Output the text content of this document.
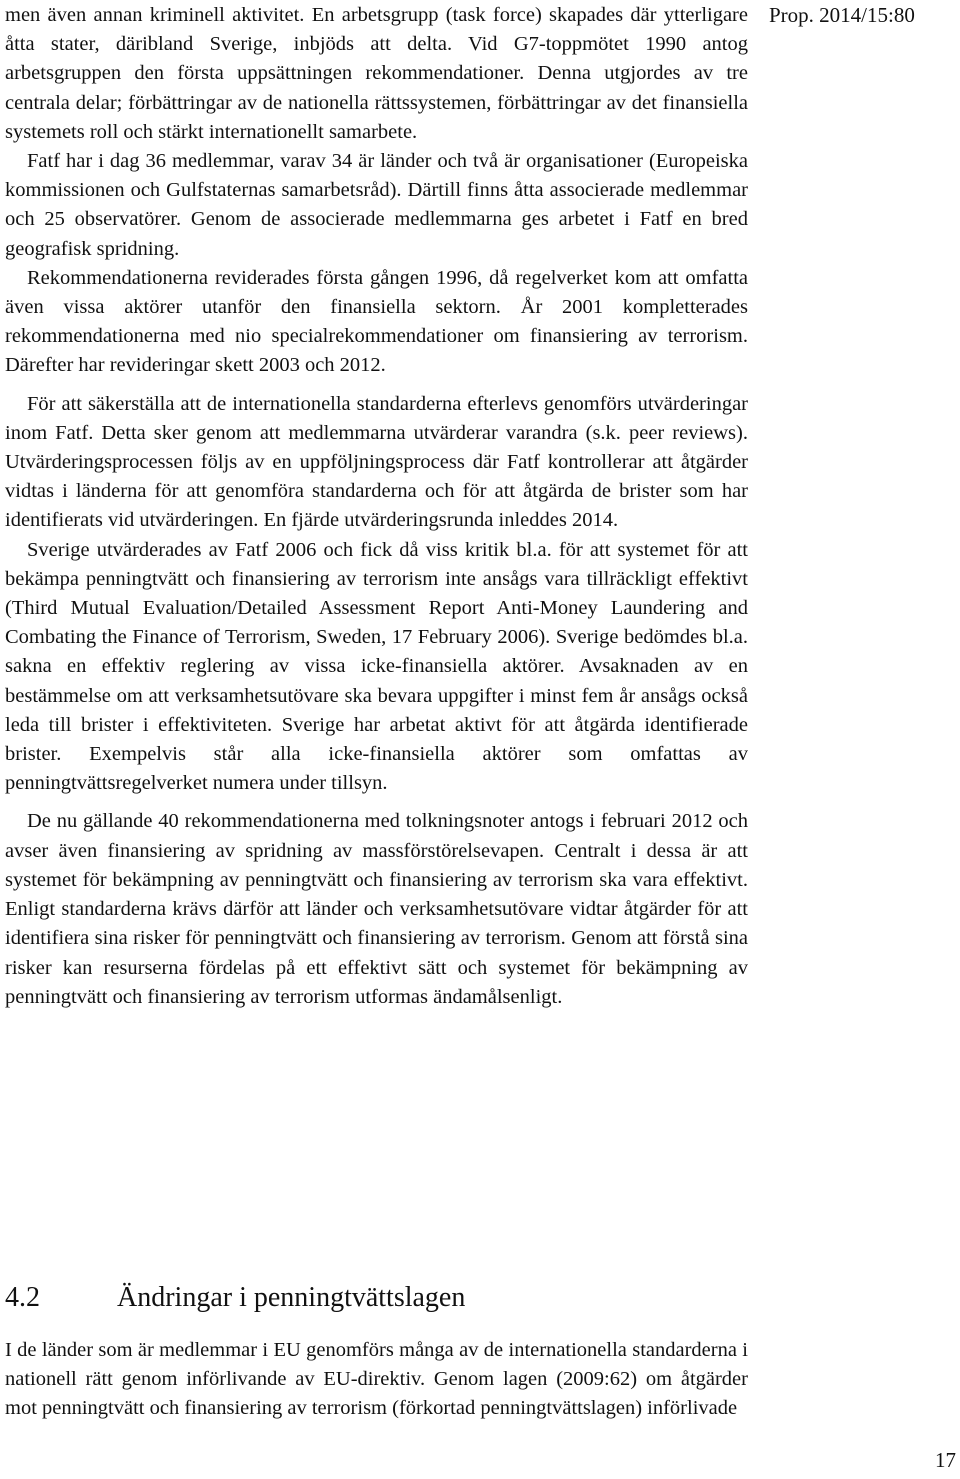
Prop. 2014/15:80

men även annan kriminell aktivitet. En arbetsgrupp (task force) skapades där ytterligare åtta stater, däribland Sverige, inbjöds att delta. Vid G7-toppmötet 1990 antog arbetsgruppen den första uppsättningen rekommendationer. Denna utgjordes av tre centrala delar; förbättringar av de nationella rättssystemen, förbättringar av det finansiella systemets roll och stärkt internationellt samarbete.

Fatf har i dag 36 medlemmar, varav 34 är länder och två är organisationer (Europeiska kommissionen och Gulfstaternas samarbetsråd). Därtill finns åtta associerade medlemmar och 25 observatörer. Genom de associerade medlemmarna ges arbetet i Fatf en bred geografisk spridning.

Rekommendationerna reviderades första gången 1996, då regelverket kom att omfatta även vissa aktörer utanför den finansiella sektorn. År 2001 kompletterades rekommendationerna med nio specialrekommendationer om finansiering av terrorism. Därefter har revideringar skett 2003 och 2012.

För att säkerställa att de internationella standarderna efterlevs genomförs utvärderingar inom Fatf. Detta sker genom att medlemmarna utvärderar varandra (s.k. peer reviews). Utvärderingsprocessen följs av en uppföljningsprocess där Fatf kontrollerar att åtgärder vidtas i länderna för att genomföra standarderna och för att åtgärda de brister som har identifierats vid utvärderingen. En fjärde utvärderingsrunda inleddes 2014.

Sverige utvärderades av Fatf 2006 och fick då viss kritik bl.a. för att systemet för att bekämpa penningtvätt och finansiering av terrorism inte ansågs vara tillräckligt effektivt (Third Mutual Evaluation/Detailed Assessment Report Anti-Money Laundering and Combating the Finance of Terrorism, Sweden, 17 February 2006). Sverige bedömdes bl.a. sakna en effektiv reglering av vissa icke-finansiella aktörer. Avsaknaden av en bestämmelse om att verksamhetsutövare ska bevara uppgifter i minst fem år ansågs också leda till brister i effektiviteten. Sverige har arbetat aktivt för att åtgärda identifierade brister. Exempelvis står alla icke-finansiella aktörer som omfattas av penningtvättsregelverket numera under tillsyn.

De nu gällande 40 rekommendationerna med tolkningsnoter antogs i februari 2012 och avser även finansiering av spridning av massförstörelsevapen. Centralt i dessa är att systemet för bekämpning av penningtvätt och finansiering av terrorism ska vara effektivt. Enligt standarderna krävs därför att länder och verksamhetsutövare vidtar åtgärder för att identifiera sina risker för penningtvätt och finansiering av terrorism. Genom att förstå sina risker kan resurserna fördelas på ett effektivt sätt och systemet för bekämpning av penningtvätt och finansiering av terrorism utformas ändamålsenligt.

4.2	Ändringar i penningtvättslagen

I de länder som är medlemmar i EU genomförs många av de internationella standarderna i nationell rätt genom införlivande av EU-direktiv. Genom lagen (2009:62) om åtgärder mot penningtvätt och finansiering av terrorism (förkortad penningtvättslagen) införlivade

17
